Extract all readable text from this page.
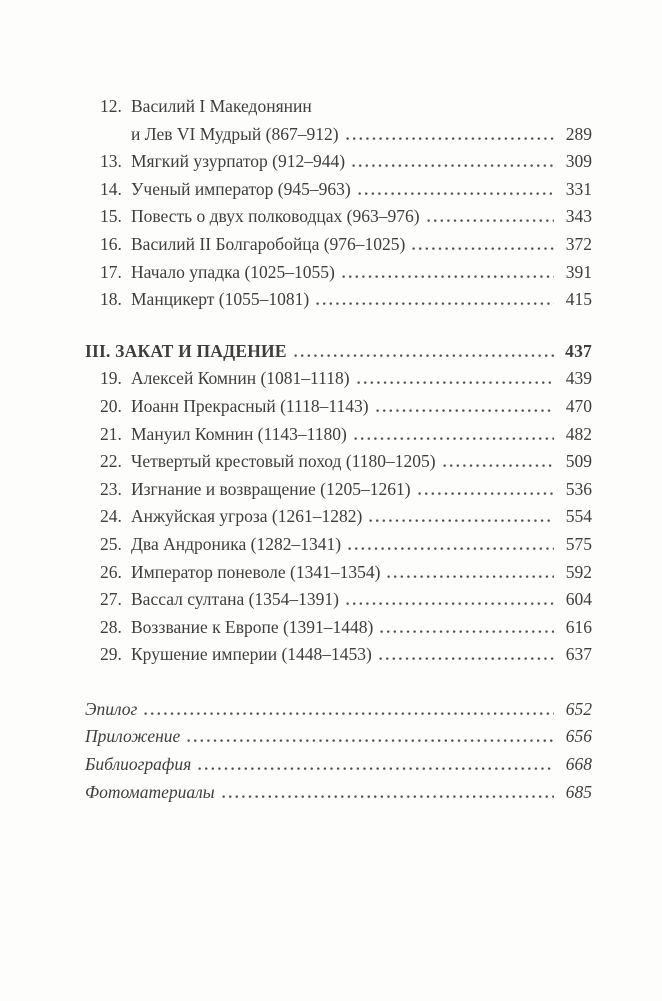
12. Василий I Македонянин
и Лев VI Мудрый (867–912)	289
13. Мягкий узурпатор (912–944)	309
14. Ученый император (945–963)	331
15. Повесть о двух полководцах (963–976)	343
16. Василий II Болгаробойца (976–1025)	372
17. Начало упадка (1025–1055)	391
18. Манцикерт (1055–1081)	415
III. ЗАКАТ И ПАДЕНИЕ	437
19. Алексей Комнин (1081–1118)	439
20. Иоанн Прекрасный (1118–1143)	470
21. Мануил Комнин (1143–1180)	482
22. Четвертый крестовый поход (1180–1205)	509
23. Изгнание и возвращение (1205–1261)	536
24. Анжуйская угроза (1261–1282)	554
25. Два Андроника (1282–1341)	575
26. Император поневоле (1341–1354)	592
27. Вассал султана (1354–1391)	604
28. Воззвание к Европе (1391–1448)	616
29. Крушение империи (1448–1453)	637
Эпилог	652
Приложение	656
Библиография	668
Фотоматериалы	685
